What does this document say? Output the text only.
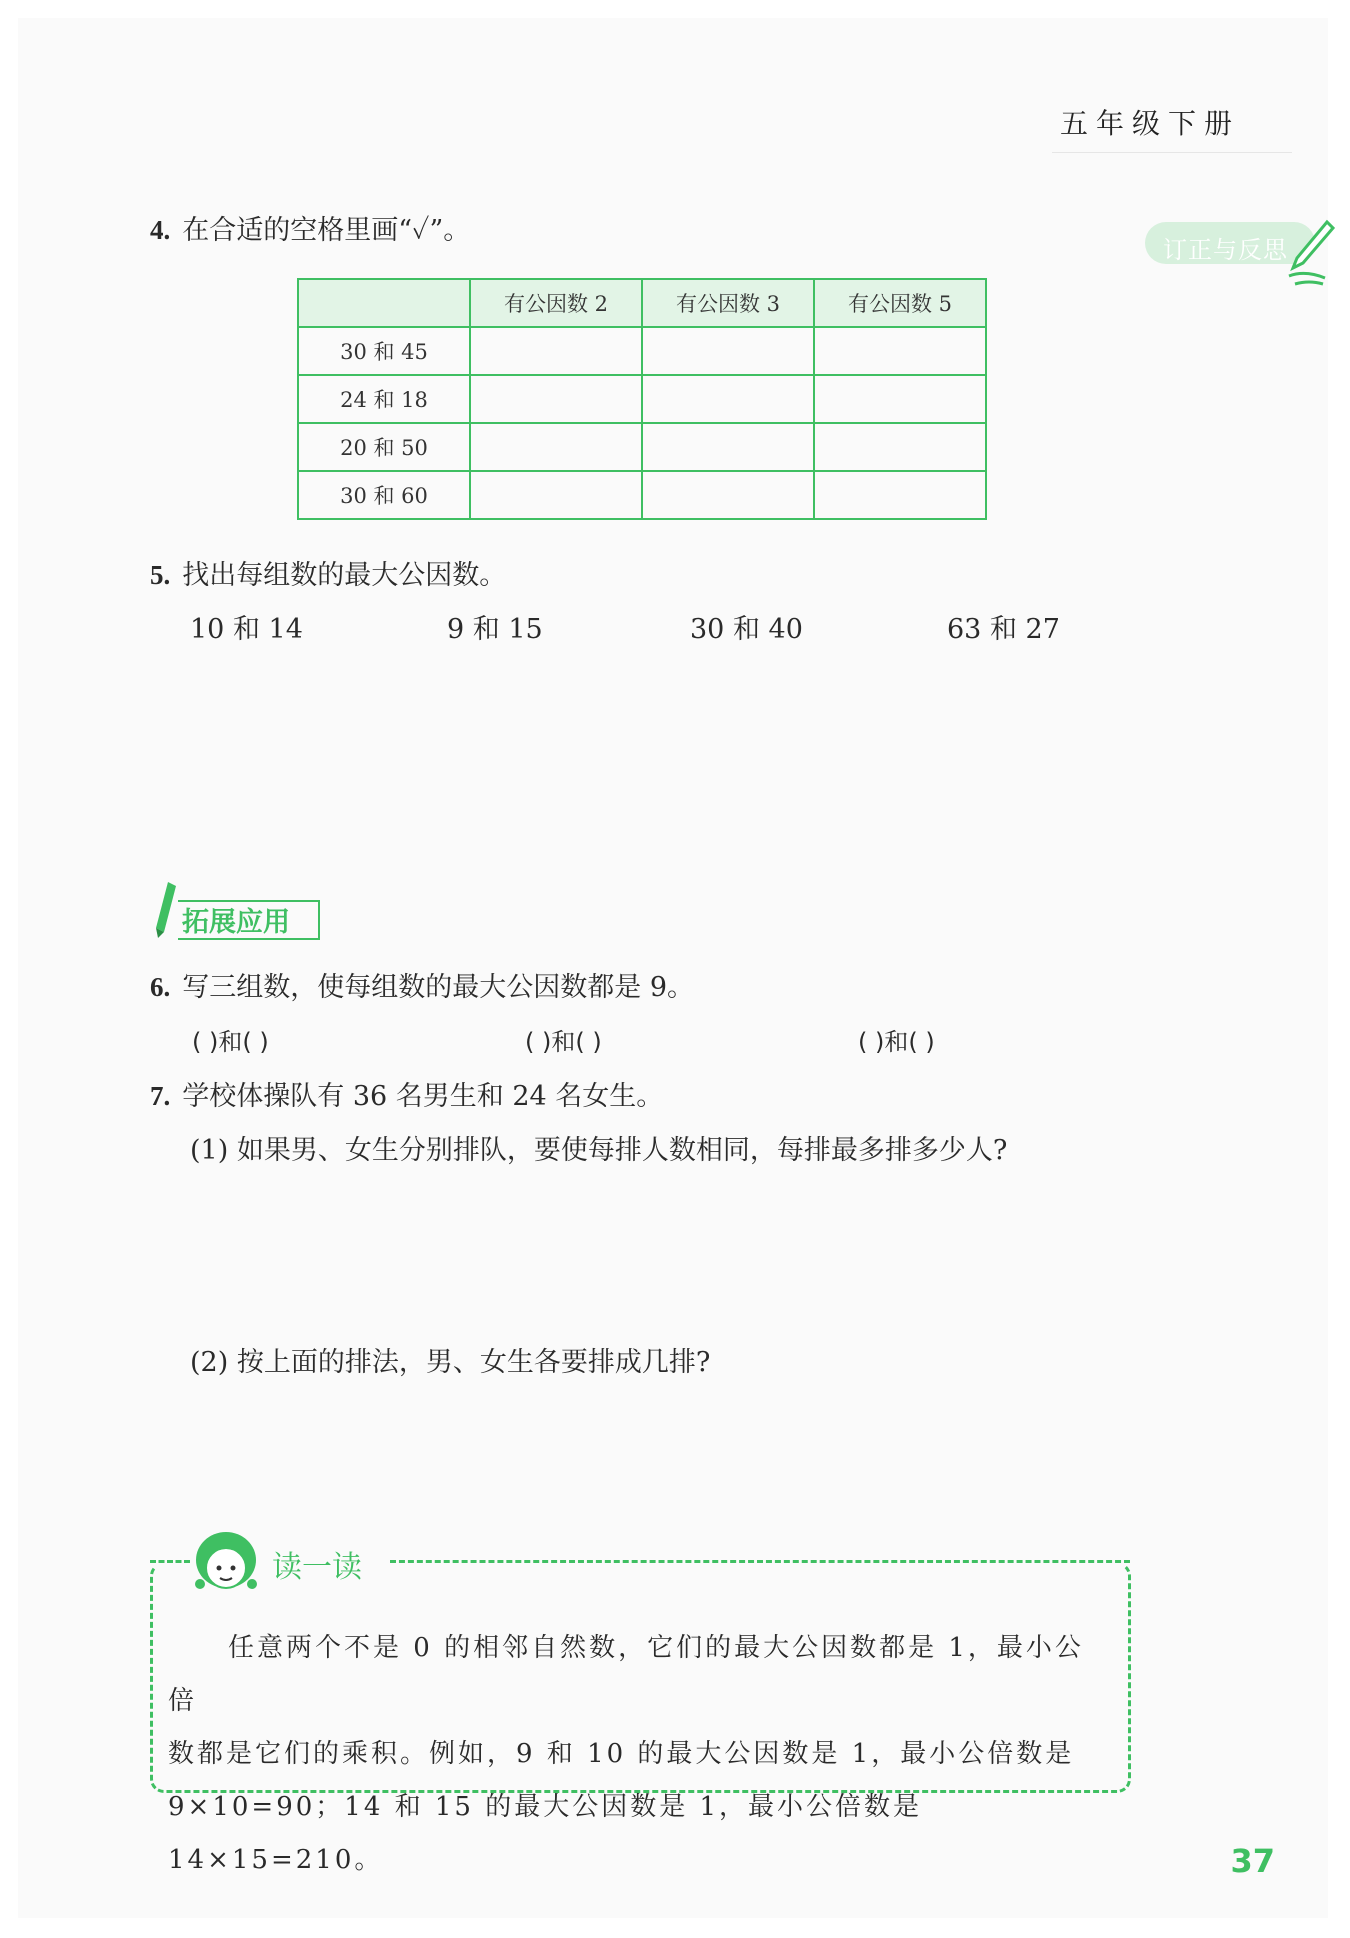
五年级下册
订正与反思
4. 在合适的空格里画“✓”。
	有公因数 2	有公因数 3	有公因数 5
30 和 45			
24 和 18			
20 和 50			
30 和 60			
5. 找出每组数的最大公因数。
10 和 14	9 和 15	30 和 40	63 和 27
拓展应用
6. 写三组数，使每组数的最大公因数都是 9。
( )和( )	( )和( )	( )和( )
7. 学校体操队有 36 名男生和 24 名女生。
(1) 如果男、女生分别排队，要使每排人数相同，每排最多排多少人?
(2) 按上面的排法，男、女生各要排成几排?
读一读

任意两个不是 0 的相邻自然数，它们的最大公因数都是 1，最小公倍

数都是它们的乘积。例如，9 和 10 的最大公因数是 1，最小公倍数是

9×10=90；14 和 15 的最大公因数是 1，最小公倍数是 14×15=210。	37
